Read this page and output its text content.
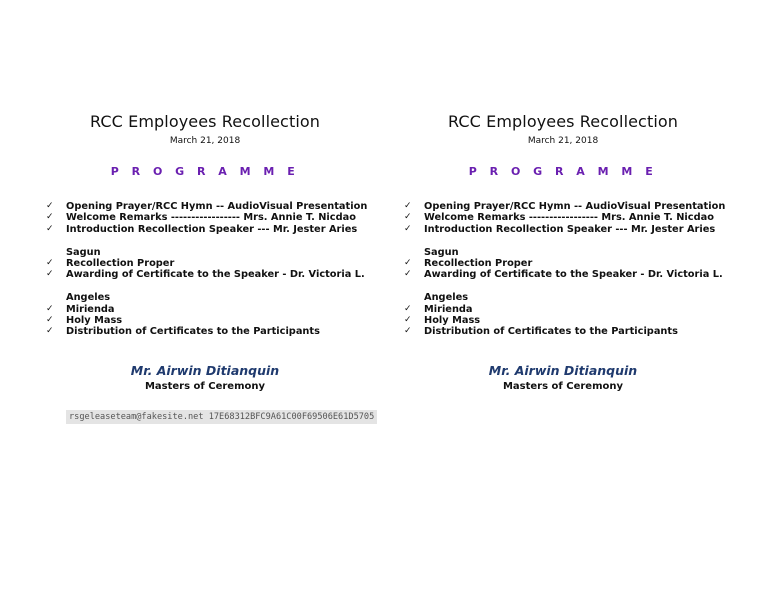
RCC Employees Recollection
March 21, 2018
P R O G R A M M E
✓ Opening Prayer/RCC Hymn -- AudioVisual Presentation
✓ Welcome Remarks ----------------- Mrs. Annie T. Nicdao
✓ Introduction Recollection Speaker --- Mr. Jester Aries
Sagun
✓ Recollection Proper
✓ Awarding of Certificate to the Speaker - Dr. Victoria L.
Angeles
✓ Mirienda
✓ Holy Mass
✓ Distribution of Certificates to the Participants
Mr. Airwin Ditianquin
Masters of Ceremony
rsgeleaseteam@fakesite.net 17E68312BFC9A61C00F69506E61D5705
RCC Employees Recollection
March 21, 2018
P R O G R A M M E
✓ Opening Prayer/RCC Hymn -- AudioVisual Presentation
✓ Welcome Remarks ----------------- Mrs. Annie T. Nicdao
✓ Introduction Recollection Speaker --- Mr. Jester Aries
Sagun
✓ Recollection Proper
✓ Awarding of Certificate to the Speaker - Dr. Victoria L.
Angeles
✓ Mirienda
✓ Holy Mass
✓ Distribution of Certificates to the Participants
Mr. Airwin Ditianquin
Masters of Ceremony
